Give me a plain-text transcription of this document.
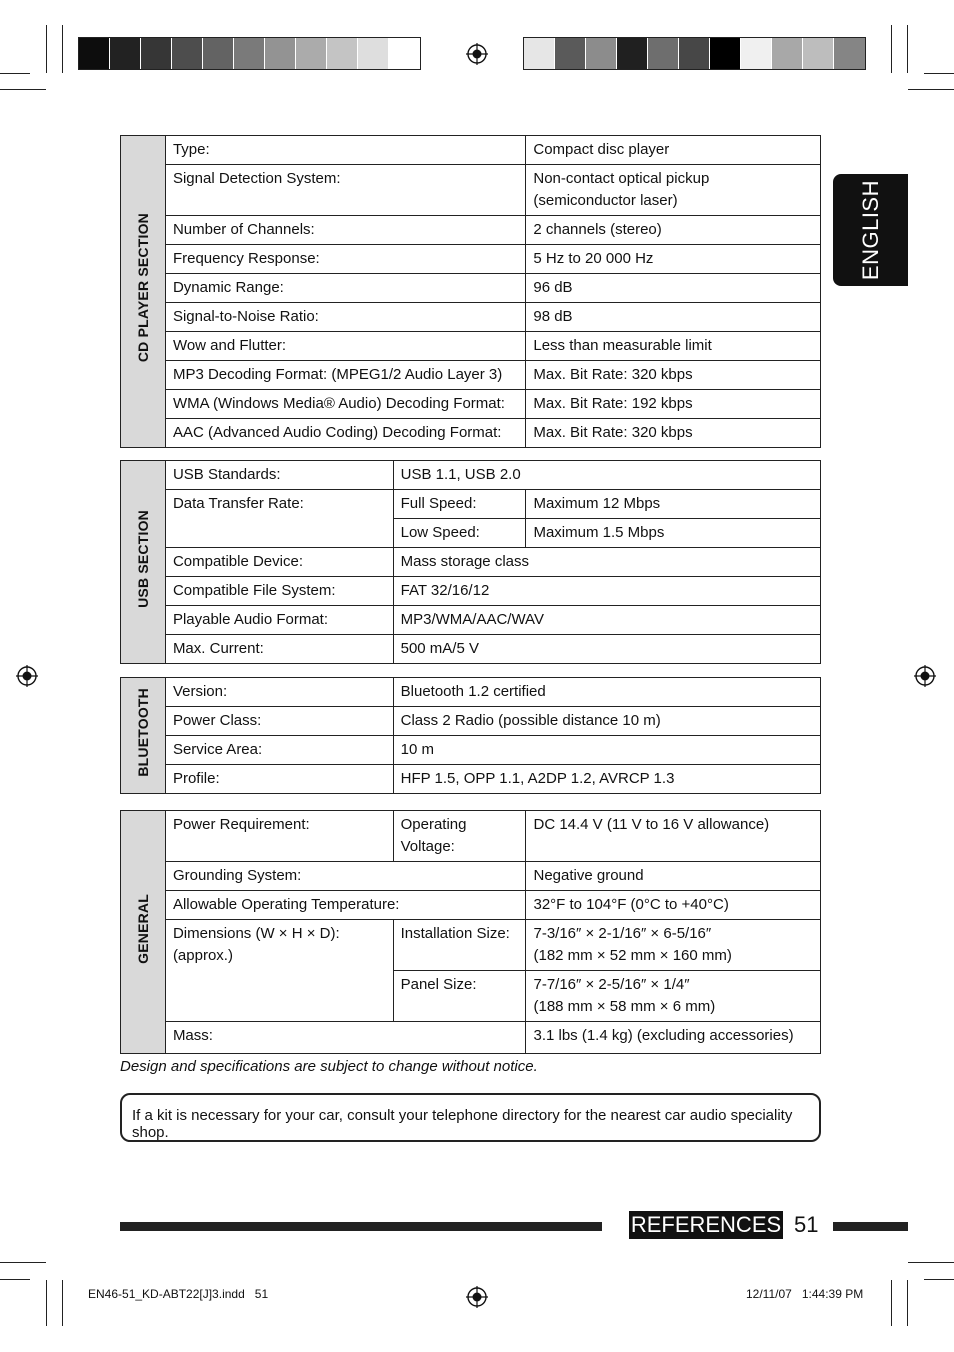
ENGLISH
CD PLAYER SECTION	Type:	Compact disc player
	Signal Detection System:	Non-contact optical pickup
(semiconductor laser)
	Number of Channels:	2 channels (stereo)
	Frequency Response:	5 Hz to 20 000 Hz
	Dynamic Range:	96 dB
	Signal-to-Noise Ratio:	98 dB
	Wow and Flutter:	Less than measurable limit
	MP3 Decoding Format: (MPEG1/2 Audio Layer 3)	Max. Bit Rate: 320 kbps
	WMA (Windows Media® Audio) Decoding Format:	Max. Bit Rate: 192 kbps
	AAC (Advanced Audio Coding) Decoding Format:	Max. Bit Rate: 320 kbps
USB SECTION	USB Standards:	USB 1.1, USB 2.0	
	Data Transfer Rate:	Full Speed:	Maximum 12 Mbps
		Low Speed:	Maximum 1.5 Mbps
	Compatible Device:	Mass storage class	
	Compatible File System:	FAT 32/16/12	
	Playable Audio Format:	MP3/WMA/AAC/WAV	
	Max. Current:	500 mA/5 V	
BLUETOOTH	Version:	Bluetooth 1.2 certified
	Power Class:	Class 2 Radio (possible distance 10 m)
	Service Area:	10 m
	Profile:	HFP 1.5, OPP 1.1, A2DP 1.2, AVRCP 1.3
GENERAL	Power Requirement:	Operating Voltage:	DC 14.4 V (11 V to 16 V allowance)
	Grounding System:		Negative ground
	Allowable Operating Temperature:		32°F to 104°F (0°C to +40°C)
	Dimensions (W × H × D): (approx.)	Installation Size:	7-3/16″ × 2-1/16″ × 6-5/16″
(182 mm × 52 mm × 160 mm)
		Panel Size:	7-7/16″ × 2-5/16″ × 1/4″
(188 mm × 58 mm × 6 mm)
	Mass:		3.1 lbs (1.4 kg) (excluding accessories)
Design and specifications are subject to change without notice.
If a kit is necessary for your car, consult your telephone directory for the nearest car audio speciality shop.
REFERENCES 51
EN46-51_KD-ABT22[J]3.indd 51	12/11/07 1:44:39 PM
